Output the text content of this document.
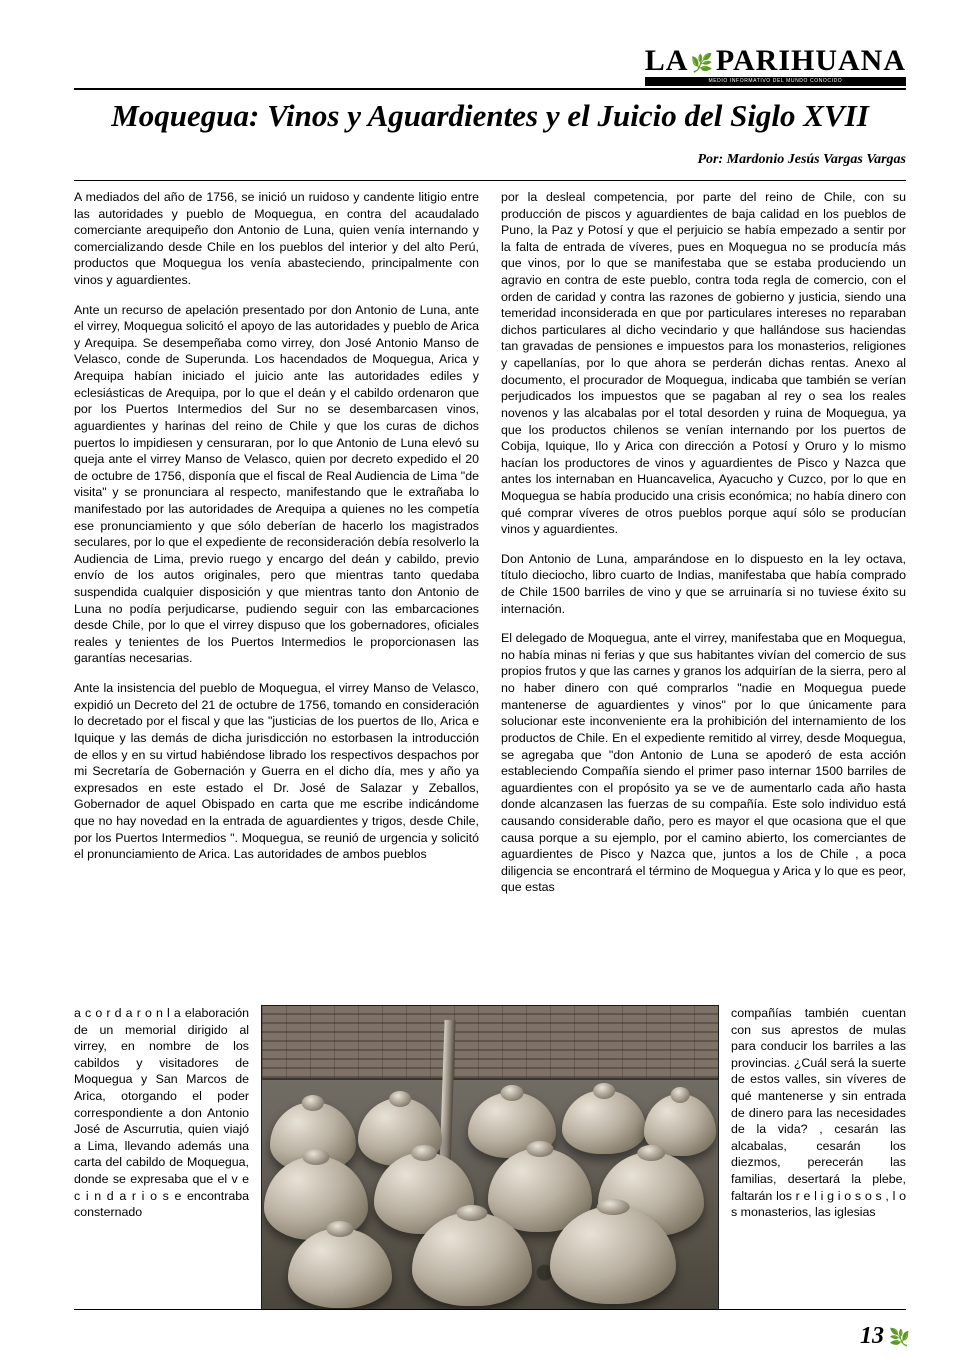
LA 🌿PARIHUANA
MEDIO INFORMATIVO DEL MUNDO CONOCIDO
Moquegua: Vinos y Aguardientes y el Juicio del Siglo XVII
Por: Mardonio Jesús Vargas Vargas

A mediados del año de 1756, se inició un ruidoso y candente litigio entre las autoridades y pueblo de Moquegua, en contra del acaudalado comerciante arequipeño don Antonio de Luna, quien venía internando y comercializando desde Chile en los pueblos del interior y del alto Perú, productos que Moquegua los venía abasteciendo, principalmente con vinos y aguardientes.

Ante un recurso de apelación presentado por don Antonio de Luna, ante el virrey, Moquegua solicitó el apoyo de las autoridades y pueblo de Arica y Arequipa. Se desempeñaba como virrey, don José Antonio Manso de Velasco, conde de Superunda. Los hacendados de Moquegua, Arica y Arequipa habían iniciado el juicio ante las autoridades ediles y eclesiásticas de Arequipa, por lo que el deán y el cabildo ordenaron que por los Puertos Intermedios del Sur no se desembarcasen vinos, aguardientes y harinas del reino de Chile y que los curas de dichos puertos lo impidiesen y censuraran, por lo que Antonio de Luna elevó su queja ante el virrey Manso de Velasco, quien por decreto expedido el 20 de octubre de 1756, disponía que el fiscal de Real Audiencia de Lima "de visita" y se pronunciara al respecto, manifestando que le extrañaba lo manifestado por las autoridades de Arequipa a quienes no les competía ese pronunciamiento y que sólo deberían de hacerlo los magistrados seculares, por lo que el expediente de reconsideración debía resolverlo la Audiencia de Lima, previo ruego y encargo del deán y cabildo, previo envío de los autos originales, pero que mientras tanto quedaba suspendida cualquier disposición y que mientras tanto don Antonio de Luna no podía perjudicarse, pudiendo seguir con las embarcaciones desde Chile, por lo que el virrey dispuso que los gobernadores, oficiales reales y tenientes de los Puertos Intermedios le proporcionasen las garantías necesarias.

Ante la insistencia del pueblo de Moquegua, el virrey Manso de Velasco, expidió un Decreto del 21 de octubre de 1756, tomando en consideración lo decretado por el fiscal y que las "justicias de los puertos de Ilo, Arica e Iquique y las demás de dicha jurisdicción no estorbasen la introducción de ellos y en su virtud habiéndose librado los respectivos despachos por mi Secretaría de Gobernación y Guerra en el dicho día, mes y año ya expresados en este estado el Dr. José de Salazar y Zeballos, Gobernador de aquel Obispado en carta que me escribe indicándome que no hay novedad en la entrada de aguardientes y trigos, desde Chile, por los Puertos Intermedios ". Moquegua, se reunió de urgencia y solicitó el pronunciamiento de Arica. Las autoridades de ambos pueblos

por la desleal competencia, por parte del reino de Chile, con su producción de piscos y aguardientes de baja calidad en los pueblos de Puno, la Paz y Potosí y que el perjuicio se había empezado a sentir por la falta de entrada de víveres, pues en Moquegua no se producía más que vinos, por lo que se manifestaba que se estaba produciendo un agravio en contra de este pueblo, contra toda regla de comercio, con el orden de caridad y contra las razones de gobierno y justicia, siendo una temeridad inconsiderada en que por particulares intereses no reparaban dichos particulares al dicho vecindario y que hallándose sus haciendas tan gravadas de pensiones e impuestos para los monasterios, religiones y capellanías, por lo que ahora se perderán dichas rentas. Anexo al documento, el procurador de Moquegua, indicaba que también se verían perjudicados los impuestos que se pagaban al rey o sea los reales novenos y las alcabalas por el total desorden y ruina de Moquegua, ya que los productos chilenos se venían internando por los puertos de Cobija, Iquique, Ilo y Arica con dirección a Potosí y Oruro y lo mismo hacían los productores de vinos y aguardientes de Pisco y Nazca que antes los internaban en Huancavelica, Ayacucho y Cuzco, por lo que en Moquegua se había producido una crisis económica; no había dinero con qué comprar víveres de otros pueblos porque aquí sólo se producían vinos y aguardientes.

Don Antonio de Luna, amparándose en lo dispuesto en la ley octava, título dieciocho, libro cuarto de Indias, manifestaba que había comprado de Chile 1500 barriles de vino y que se arruinaría si no tuviese éxito su internación.

El delegado de Moquegua, ante el virrey, manifestaba que en Moquegua, no había minas ni ferias y que sus habitantes vivían del comercio de sus propios frutos y que las carnes y granos los adquirían de la sierra, pero al no haber dinero con qué comprarlos "nadie en Moquegua puede mantenerse de aguardientes y vinos" por lo que únicamente para solucionar este inconveniente era la prohibición del internamiento de los productos de Chile. En el expediente remitido al virrey, desde Moquegua, se agregaba que "don Antonio de Luna se apoderó de esta acción estableciendo Compañía siendo el primer paso internar 1500 barriles de aguardientes con el propósito ya se ve de aumentarlo cada año hasta donde alcanzasen las fuerzas de su compañía. Este solo individuo está causando considerable daño, pero es mayor el que ocasiona que el que causa porque a su ejemplo, por el camino abierto, los comerciantes de aguardientes de Pisco y Nazca que, juntos a los de Chile , a poca diligencia se encontrará el término de Moquegua y Arica y lo que es peor, que estas

a c o r d a r o n l a elaboración de un memorial dirigido al virrey, en nombre de los cabildos y visitadores de Moquegua y San Marcos de Arica, otorgando el poder correspondiente a don Antonio José de Ascurrutia, quien viajó a Lima, llevando además una carta del cabildo de Moquegua, donde se expresaba que el v e c i n d a r i o s e encontraba consternado

compañías también cuentan con sus aprestos de mulas para conducir los barriles a las provincias. ¿Cuál será la suerte de estos valles, sin víveres de qué mantenerse y sin entrada de dinero para las necesidades de la vida? , cesarán las alcabalas, cesarán los diezmos, perecerán las familias, desertará la plebe, faltarán los r e l i g i o s o s , l o s monasterios, las iglesias

13 🌿
